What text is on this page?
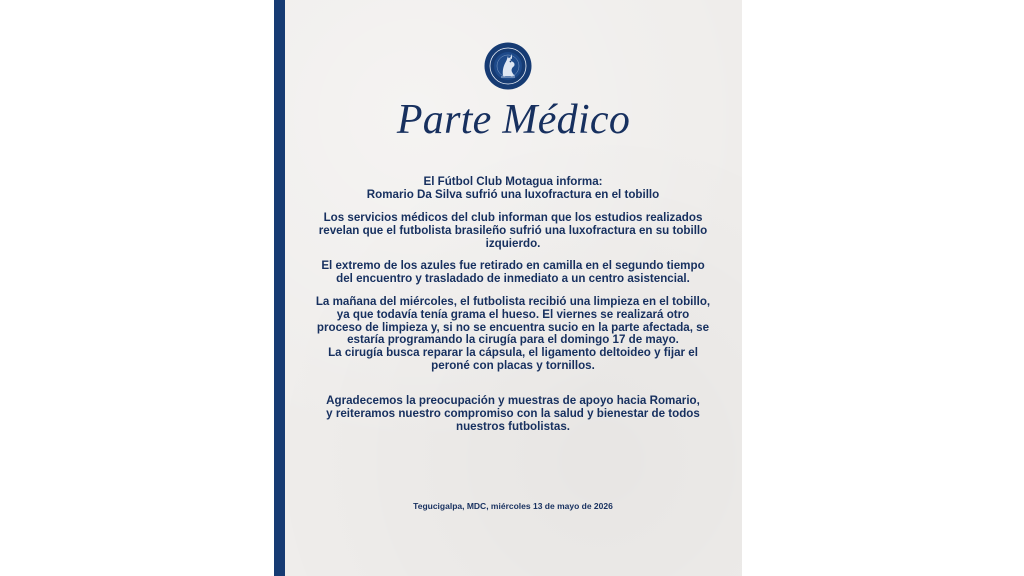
Parte Médico

El Fútbol Club Motagua informa:

Romario Da Silva sufrió una luxofractura en el tobillo

Los servicios médicos del club informan que los estudios realizados

revelan que el futbolista brasileño sufrió una luxofractura en su tobillo

izquierdo.

El extremo de los azules fue retirado en camilla en el segundo tiempo

del encuentro y trasladado de inmediato a un centro asistencial.

La mañana del miércoles, el futbolista recibió una limpieza en el tobillo,

ya que todavía tenía grama el hueso. El viernes se realizará otro

proceso de limpieza y, si no se encuentra sucio en la parte afectada, se

estaría programando la cirugía para el domingo 17 de mayo.

La cirugía busca reparar la cápsula, el ligamento deltoideo y fijar el

peroné con placas y tornillos.

Agradecemos la preocupación y muestras de apoyo hacia Romario,

y reiteramos nuestro compromiso con la salud y bienestar de todos

nuestros futbolistas.

Tegucigalpa, MDC, miércoles 13 de mayo de 2026
